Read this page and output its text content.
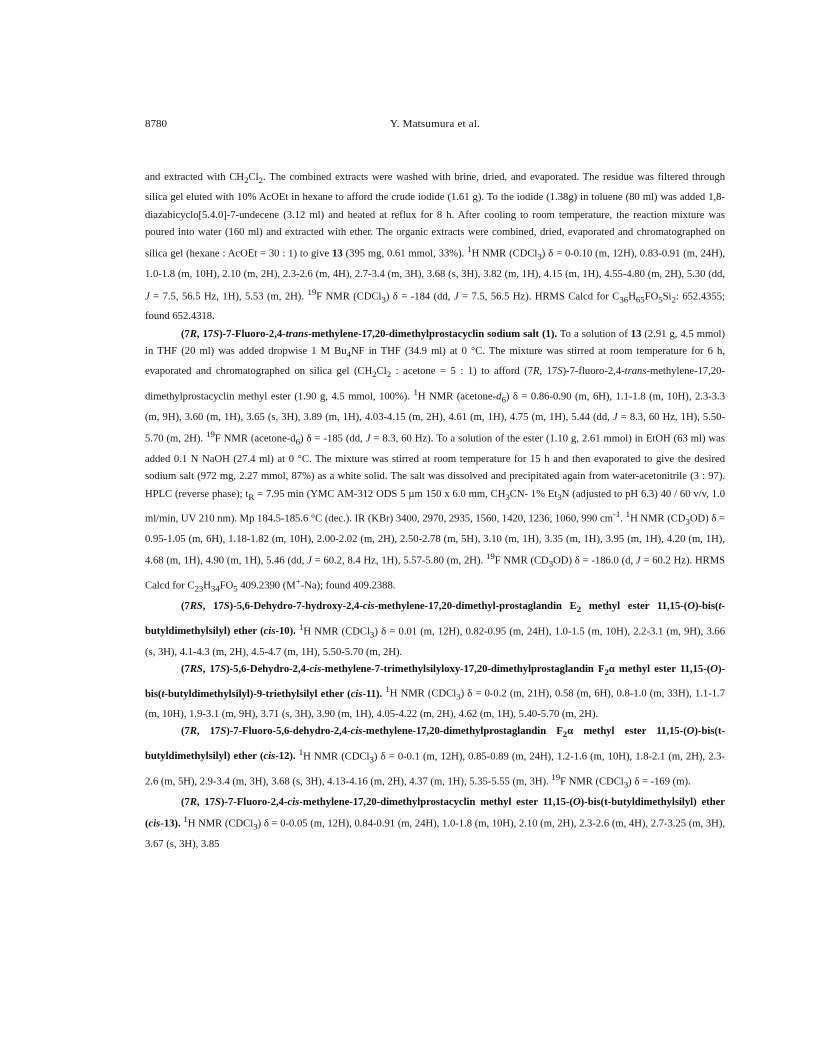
8780	Y. Matsumura et al.

and extracted with $CH_2Cl_2$. The combined extracts were washed with brine, dried, and evaporated. The residue was filtered through silica gel eluted with 10% AcOEt in hexane to afford the crude iodide (1.61 g). To the iodide (1.38g) in toluene (80 ml) was added 1,8-diazabicyclo[5.4.0]-7-undecene (3.12 ml) and heated at reflux for 8 h. After cooling to room temperature, the reaction mixture was poured into water (160 ml) and extracted with ether. The organic extracts were combined, dried, evaporated and chromatographed on silica gel (hexane : AcOEt = 30 : 1) to give 13 (395 mg, 0.61 mmol, 33%). $^1$H NMR (CDCl$_3$) δ = 0-0.10 (m, 12H), 0.83-0.91 (m, 24H), 1.0-1.8 (m, 10H), 2.10 (m, 2H), 2.3-2.6 (m, 4H), 2.7-3.4 (m, 3H), 3.68 (s, 3H), 3.82 (m, 1H), 4.15 (m, 1H), 4.55-4.80 (m, 2H), 5.30 (dd, J = 7.5, 56.5 Hz, 1H), 5.53 (m, 2H). $^{19}$F NMR (CDCl$_3$) δ = -184 (dd, J = 7.5, 56.5 Hz). HRMS Calcd for $C_{36}H_{65}FO_5Si_2$: 652.4355; found 652.4318.

(7R, 17S)-7-Fluoro-2,4-trans-methylene-17,20-dimethylprostacyclin sodium salt (1). To a solution of 13 (2.91 g, 4.5 mmol) in THF (20 ml) was added dropwise 1 M $Bu_4NF$ in THF (34.9 ml) at 0 °C. The mixture was stirred at room temperature for 6 h, evaporated and chromatographed on silica gel ($CH_2Cl_2$ : acetone = 5 : 1) to afford (7R, 17S)-7-fluoro-2,4-trans-methylene-17,20-dimethylprostacyclin methyl ester (1.90 g, 4.5 mmol, 100%). $^1$H NMR $(acetone-d_6) \delta = 0.86-0.90$ (m, 6H), 1.1-1.8 (m, 10H), 2.3-3.3 (m, 9H), 3.60 (m, 1H), 3.65 (s, 3H), 3.89 (m, 1H), 4.03-4.15 (m, 2H), 4.61 (m, 1H), 4.75 (m, 1H), 5.44 (dd, J = 8.3, 60 Hz, 1H), 5.50-5.70 (m, 2H). $^{19}$F NMR $(acetone-d_6) \delta = -185$ (dd, J = 8.3, 60 Hz). To a solution of the ester (1.10 g, 2.61 mmol) in EtOH (63 ml) was added 0.1 N NaOH (27.4 ml) at 0 °C. The mixture was stirred at room temperature for 15 h and then evaporated to give the desired sodium salt (972 mg, 2.27 mmol, 87%) as a white solid. The salt was dissolved and precipitated again from water-acetonitrile (3 : 97). HPLC (reverse phase); $t_R = 7.95$ min (YMC AM-312 ODS 5 µm 150 x 6.0 mm, $CH_3CN-$ 1% $Et_3N$ (adjusted to pH 6.3) 40 / 60 v/v, 1.0 ml/min, UV 210 nm). Mp 184.5-185.6 °C (dec.). IR (KBr) 3400, 2970, 2935, 1560, 1420, 1236, 1060, 990 $cm^{-1}$. $^1$H NMR $(CD_3OD) \delta = 0.95-1.05$ (m, 6H), 1.18-1.82 (m, 10H), 2.00-2.02 (m, 2H), 2.50-2.78 (m, 5H), 3.10 (m, 1H), 3.35 (m, 1H), 3.95 (m, 1H), 4.20 (m, 1H), 4.68 (m, 1H), 4.90 (m, 1H), 5.46 (dd, J = 60.2, 8.4 Hz, 1H), 5.57-5.80 (m, 2H). $^{19}$F NMR $(CD_3OD) \delta = -186.0$ (d, J = 60.2 Hz). HRMS Calcd for $C_{23}H_{34}FO_5$ 409.2390 (M+-Na); found 409.2388.

(7RS, 17S)-5,6-Dehydro-7-hydroxy-2,4-cis-methylene-17,20-dimethyl-prostaglandin $E_2$ methyl ester 11,15-(O)-bis(t-butyldimethylsilyl) ether (cis-10). $^1$H NMR (CDCl$_3$) δ = 0.01 (m, 12H), 0.82-0.95 (m, 24H), 1.0-1.5 (m, 10H), 2.2-3.1 (m, 9H), 3.66 (s, 3H), 4.1-4.3 (m, 2H), 4.5-4.7 (m, 1H), 5.50-5.70 (m, 2H).

(7RS, 17S)-5,6-Dehydro-2,4-cis-methylene-7-trimethylsilyloxy-17,20-dimethylprostaglandin $F_2\alpha$ methyl ester 11,15-(O)-bis(t-butyldimethylsilyl)-9-triethylsilyl ether (cis-11). $^1$H NMR (CDCl$_3$) δ = 0-0.2 (m, 21H), 0.58 (m, 6H), 0.8-1.0 (m, 33H), 1.1-1.7 (m, 10H), 1.9-3.1 (m, 9H), 3.71 (s, 3H), 3.90 (m, 1H), 4.05-4.22 (m, 2H), 4.62 (m, 1H), 5.40-5.70 (m, 2H).

(7R, 17S)-7-Fluoro-5,6-dehydro-2,4-cis-methylene-17,20-dimethylprostaglandin $F_2\alpha$ methyl ester 11,15-(O)-bis(t-butyldimethylsilyl) ether (cis-12). $^1$H NMR (CDCl$_3$) δ = 0-0.1 (m, 12H), 0.85-0.89 (m, 24H), 1.2-1.6 (m, 10H), 1.8-2.1 (m, 2H), 2.3-2.6 (m, 5H), 2.9-3.4 (m, 3H), 3.68 (s, 3H), 4.13-4.16 (m, 2H), 4.37 (m, 1H), 5.35-5.55 (m, 3H). $^{19}$F NMR (CDCl$_3$) δ = -169 (m).

(7R, 17S)-7-Fluoro-2,4-cis-methylene-17,20-dimethylprostacyclin methyl ester 11,15-(O)-bis(t-butyldimethylsilyl) ether (cis-13). $^1$H NMR (CDCl$_3$) δ = 0-0.05 (m, 12H), 0.84-0.91 (m, 24H), 1.0-1.8 (m, 10H), 2.10 (m, 2H), 2.3-2.6 (m, 4H), 2.7-3.25 (m, 3H), 3.67 (s, 3H), 3.85
